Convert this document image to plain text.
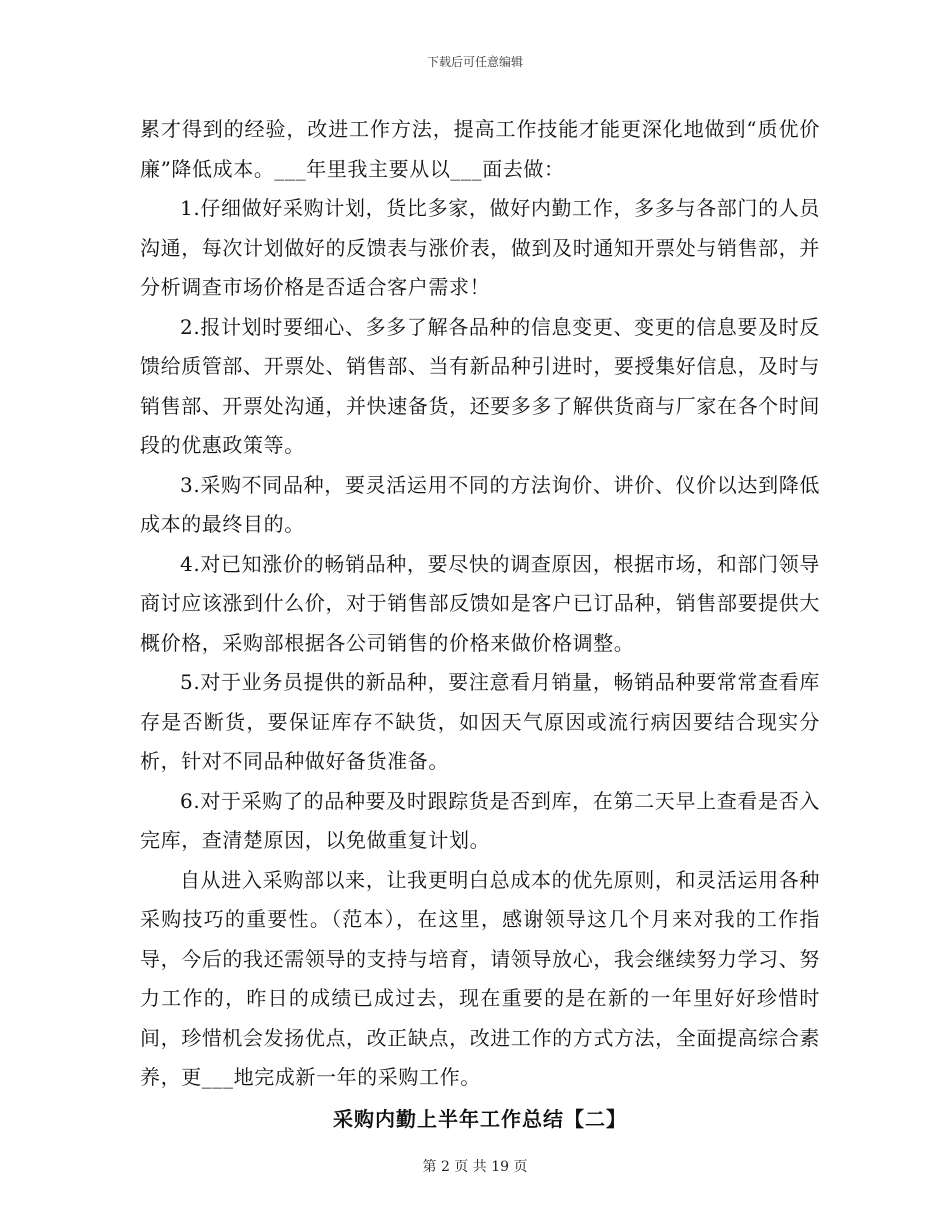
下载后可任意编辑

累才得到的经验，改进工作方法，提高工作技能才能更深化地做到“质优价廉”降低成本。___年里我主要从以___面去做：

1.仔细做好采购计划，货比多家，做好内勤工作，多多与各部门的人员沟通，每次计划做好的反馈表与涨价表，做到及时通知开票处与销售部，并分析调查市场价格是否适合客户需求！

2.报计划时要细心、多多了解各品种的信息变更、变更的信息要及时反馈给质管部、开票处、销售部、当有新品种引进时，要授集好信息，及时与销售部、开票处沟通，并快速备货，还要多多了解供货商与厂家在各个时间段的优惠政策等。

3.采购不同品种，要灵活运用不同的方法询价、讲价、仪价以达到降低成本的最终目的。

4.对已知涨价的畅销品种，要尽快的调查原因，根据市场，和部门领导商讨应该涨到什么价，对于销售部反馈如是客户已订品种，销售部要提供大概价格，采购部根据各公司销售的价格来做价格调整。

5.对于业务员提供的新品种，要注意看月销量，畅销品种要常常查看库存是否断货，要保证库存不缺货，如因天气原因或流行病因要结合现实分析，针对不同品种做好备货准备。

6.对于采购了的品种要及时跟踪货是否到库，在第二天早上查看是否入完库，查清楚原因，以免做重复计划。

自从进入采购部以来，让我更明白总成本的优先原则，和灵活运用各种采购技巧的重要性。（范本），在这里，感谢领导这几个月来对我的工作指导，今后的我还需领导的支持与培育，请领导放心，我会继续努力学习、努力工作的，昨日的成绩已成过去，现在重要的是在新的一年里好好珍惜时间，珍惜机会发扬优点，改正缺点，改进工作的方式方法，全面提高综合素养，更___地完成新一年的采购工作。

采购内勤上半年工作总结【二】
第 2 页 共 19 页
